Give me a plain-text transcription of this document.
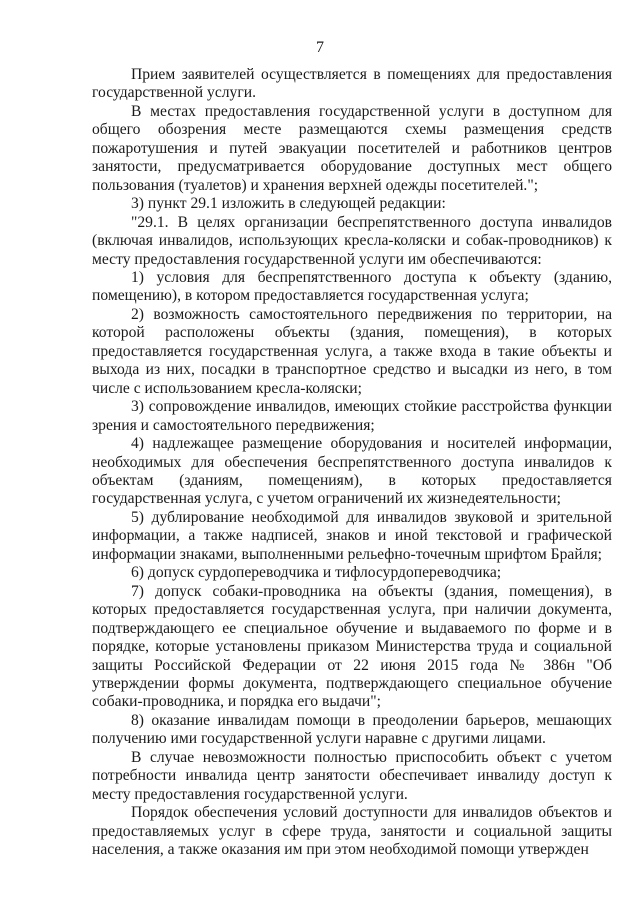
7

Прием заявителей осуществляется в помещениях для предоставления государственной услуги.

В местах предоставления государственной услуги в доступном для общего обозрения месте размещаются схемы размещения средств пожаротушения и путей эвакуации посетителей и работников центров занятости, предусматривается оборудование доступных мест общего пользования (туалетов) и хранения верхней одежды посетителей.";

3) пункт 29.1 изложить в следующей редакции:

"29.1. В целях организации беспрепятственного доступа инвалидов (включая инвалидов, использующих кресла-коляски и собак-проводников) к месту предоставления государственной услуги им обеспечиваются:

1) условия для беспрепятственного доступа к объекту (зданию, помещению), в котором предоставляется государственная услуга;

2) возможность самостоятельного передвижения по территории, на которой расположены объекты (здания, помещения), в которых предоставляется государственная услуга, а также входа в такие объекты и выхода из них, посадки в транспортное средство и высадки из него, в том числе с использованием кресла-коляски;

3) сопровождение инвалидов, имеющих стойкие расстройства функции зрения и самостоятельного передвижения;

4) надлежащее размещение оборудования и носителей информации, необходимых для обеспечения беспрепятственного доступа инвалидов к объектам (зданиям, помещениям), в которых предоставляется государственная услуга, с учетом ограничений их жизнедеятельности;

5) дублирование необходимой для инвалидов звуковой и зрительной информации, а также надписей, знаков и иной текстовой и графической информации знаками, выполненными рельефно-точечным шрифтом Брайля;

6) допуск сурдопереводчика и тифлосурдопереводчика;

7) допуск собаки-проводника на объекты (здания, помещения), в которых предоставляется государственная услуга, при наличии документа, подтверждающего ее специальное обучение и выдаваемого по форме и в порядке, которые установлены приказом Министерства труда и социальной защиты Российской Федерации от 22 июня 2015 года № 386н "Об утверждении формы документа, подтверждающего специальное обучение собаки-проводника, и порядка его выдачи";

8) оказание инвалидам помощи в преодолении барьеров, мешающих получению ими государственной услуги наравне с другими лицами.

В случае невозможности полностью приспособить объект с учетом потребности инвалида центр занятости обеспечивает инвалиду доступ к месту предоставления государственной услуги.

Порядок обеспечения условий доступности для инвалидов объектов и предоставляемых услуг в сфере труда, занятости и социальной защиты населения, а также оказания им при этом необходимой помощи утвержден
